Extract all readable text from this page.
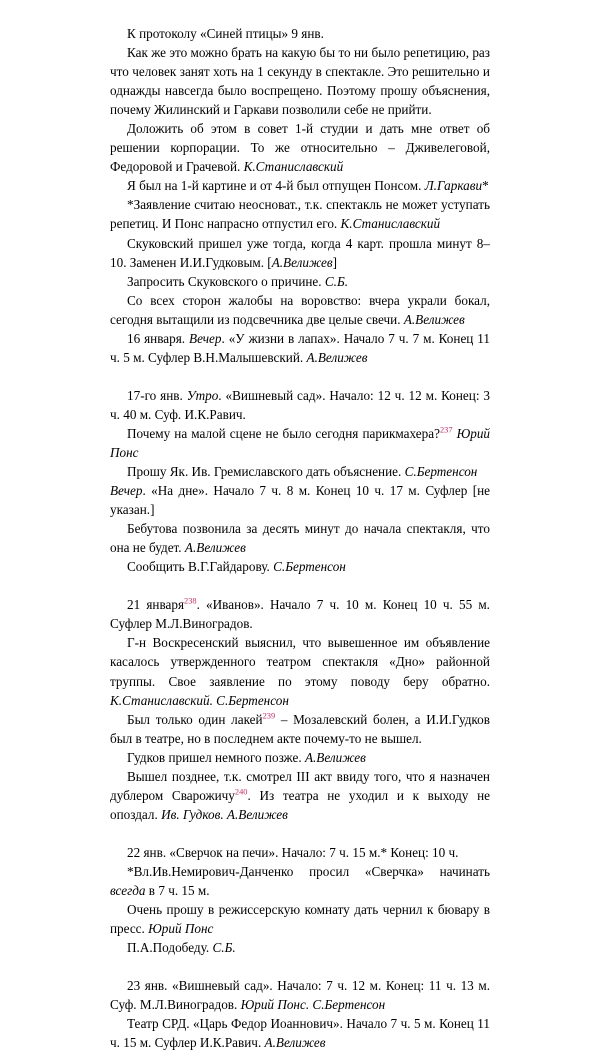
К протоколу «Синей птицы» 9 янв.

Как же это можно брать на какую бы то ни было репетицию, раз что человек занят хоть на 1 секунду в спектакле. Это решительно и однажды навсегда было воспрещено. Поэтому прошу объяснения, почему Жилинский и Гаркави позволили себе не прийти.

Доложить об этом в совет 1-й студии и дать мне ответ об решении корпорации. То же относительно – Дживелеговой, Федоровой и Грачевой. К.Станиславский

Я был на 1-й картине и от 4-й был отпущен Понсом. Л.Гаркави*

*Заявление считаю неосноват., т.к. спектакль не может уступать репетиц. И Понс напрасно отпустил его. К.Станиславский

Скуковский пришел уже тогда, когда 4 карт. прошла минут 8–10. Заменен И.И.Гудковым. [А.Велижев]

Запросить Скуковского о причине. С.Б.

Со всех сторон жалобы на воровство: вчера украли бокал, сегодня вытащили из подсвечника две целые свечи. А.Велижев

16 января. Вечер. «У жизни в лапах». Начало 7 ч. 7 м. Конец 11 ч. 5 м. Суфлер В.Н.Малышевский. А.Велижев

17-го янв. Утро. «Вишневый сад». Начало: 12 ч. 12 м. Конец: 3 ч. 40 м. Суф. И.К.Равич.

Почему на малой сцене не было сегодня парикмахера?$^{237}$ Юрий Понс

Прошу Як. Ив. Гремиславского дать объяснение. С.Бертенсон

Вечер. «На дне». Начало 7 ч. 8 м. Конец 10 ч. 17 м. Суфлер [не указан.]

Бебутова позвонила за десять минут до начала спектакля, что она не будет. А.Велижев

Сообщить В.Г.Гайдарову. С.Бертенсон

21 января$^{238}$. «Иванов». Начало 7 ч. 10 м. Конец 10 ч. 55 м. Суфлер М.Л.Виноградов.

Г-н Воскресенский выяснил, что вывешенное им объявление касалось утвержденного театром спектакля «Дно» районной труппы. Свое заявление по этому поводу беру обратно. К.Станиславский. С.Бертенсон

Был только один лакей$^{239}$ – Мозалевский болен, а И.И.Гудков был в театре, но в последнем акте почему-то не вышел.

Гудков пришел немного позже. А.Велижев

Вышел позднее, т.к. смотрел III акт ввиду того, что я назначен дублером Сварожичу$^{240}$. Из театра не уходил и к выходу не опоздал. Ив. Гудков. А.Велижев

22 янв. «Сверчок на печи». Начало: 7 ч. 15 м.* Конец: 10 ч.

*Вл.Ив.Немирович-Данченко просил «Сверчка» начинать всегда в 7 ч. 15 м.

Очень прошу в режиссерскую комнату дать чернил к бювару в пресс. Юрий Понс

П.А.Подобеду. С.Б.

23 янв. «Вишневый сад». Начало: 7 ч. 12 м. Конец: 11 ч. 13 м. Суф. М.Л.Виноградов. Юрий Понс. С.Бертенсон

Театр СРД. «Царь Федор Иоаннович». Начало 7 ч. 5 м. Конец 11 ч. 15 м. Суфлер И.К.Равич. А.Велижев
